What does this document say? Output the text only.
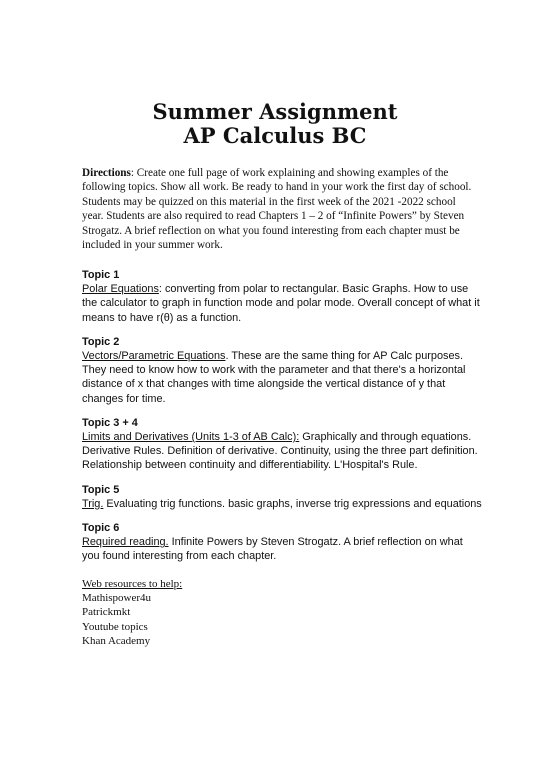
Summer Assignment
AP Calculus BC
Directions: Create one full page of work explaining and showing examples of the following topics. Show all work. Be ready to hand in your work the first day of school. Students may be quizzed on this material in the first week of the 2021 -2022 school year. Students are also required to read Chapters 1 – 2 of “Infinite Powers” by Steven Strogatz. A brief reflection on what you found interesting from each chapter must be included in your summer work.
Topic 1
Polar Equations: converting from polar to rectangular. Basic Graphs. How to use the calculator to graph in function mode and polar mode. Overall concept of what it means to have r(θ) as a function.
Topic 2
Vectors/Parametric Equations. These are the same thing for AP Calc purposes. They need to know how to work with the parameter and that there's a horizontal distance of x that changes with time alongside the vertical distance of y that changes for time.
Topic 3 + 4
Limits and Derivatives (Units 1-3 of AB Calc): Graphically and through equations. Derivative Rules. Definition of derivative. Continuity, using the three part definition. Relationship between continuity and differentiability. L'Hospital's Rule.
Topic 5
Trig. Evaluating trig functions. basic graphs, inverse trig expressions and equations
Topic 6
Required reading. Infinite Powers by Steven Strogatz. A brief reflection on what you found interesting from each chapter.
Web resources to help:
Mathispower4u
Patrickmkt
Youtube topics
Khan Academy
